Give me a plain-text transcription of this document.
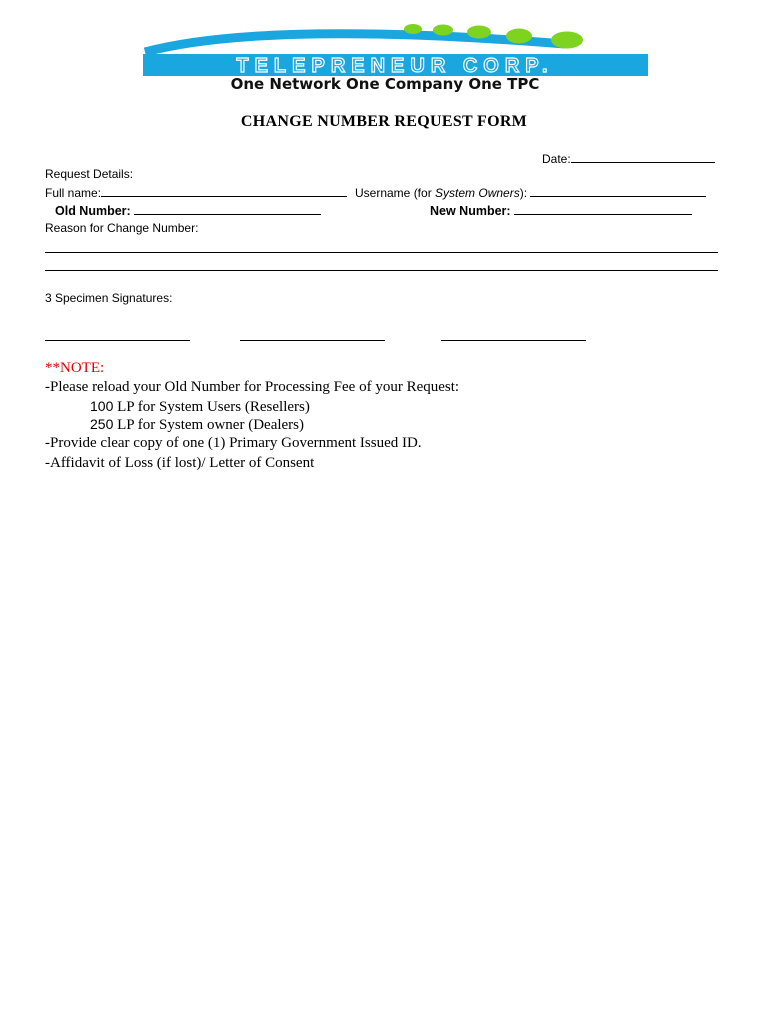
TELEPRENEUR CORP.
One Network One Company One TPC
CHANGE NUMBER REQUEST FORM
Date:
Request Details:
Full name:	Username (for System Owners):
Old Number:	New Number:
Reason for Change Number:
3 Specimen Signatures:
**NOTE:
-Please reload your Old Number for Processing Fee of your Request:
100 LP for System Users (Resellers)
250 LP for System owner (Dealers)
-Provide clear copy of one (1) Primary Government Issued ID.
-Affidavit of Loss (if lost)/ Letter of Consent
